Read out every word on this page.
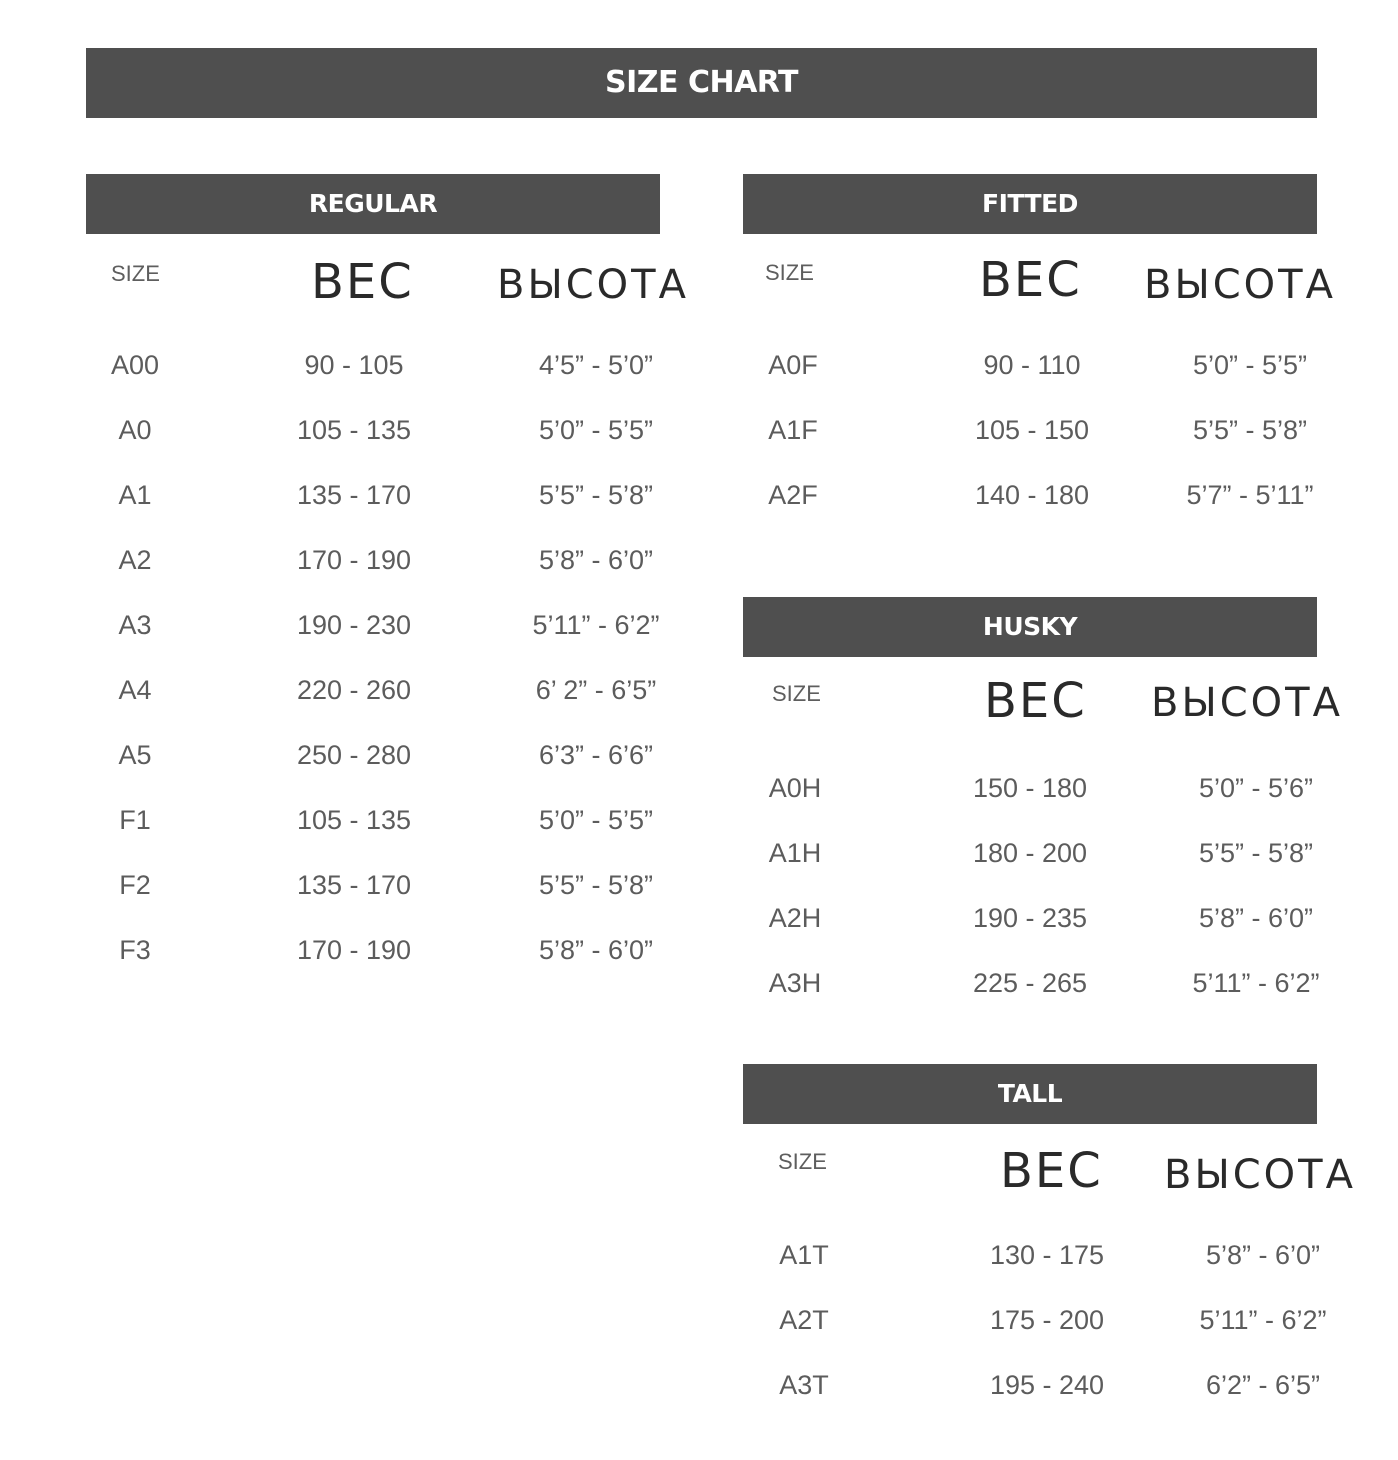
SIZE CHART
REGULAR
SIZE	ВЕС ВЫСОТА
A00	90 - 105	4’5” - 5’0”
A0	105 - 135	5’0” - 5’5”
A1	135 - 170	5’5” - 5’8”
A2	170 - 190	5’8” - 6’0”
A3	190 - 230	5’11” - 6’2”
A4	220 - 260	6’ 2” - 6’5”
A5	250 - 280	6’3” - 6’6”
F1	105 - 135	5’0” - 5’5”
F2	135 - 170	5’5” - 5’8”
F3	170 - 190	5’8” - 6’0”
FITTED
SIZE	ВЕС ВЫСОТА
A0F	90 - 110	5’0” - 5’5”
A1F	105 - 150	5’5” - 5’8”
A2F	140 - 180	5’7” - 5’11”
HUSKY
SIZE	ВЕС ВЫСОТА
A0H	150 - 180	5’0” - 5’6”
A1H	180 - 200	5’5” - 5’8”
A2H	190 - 235	5’8” - 6’0”
A3H	225 - 265	5’11” - 6’2”
TALL
SIZE	ВЕС ВЫСОТА
A1T	130 - 175	5’8” - 6’0”
A2T	175 - 200	5’11” - 6’2”
A3T	195 - 240	6’2” - 6’5”
